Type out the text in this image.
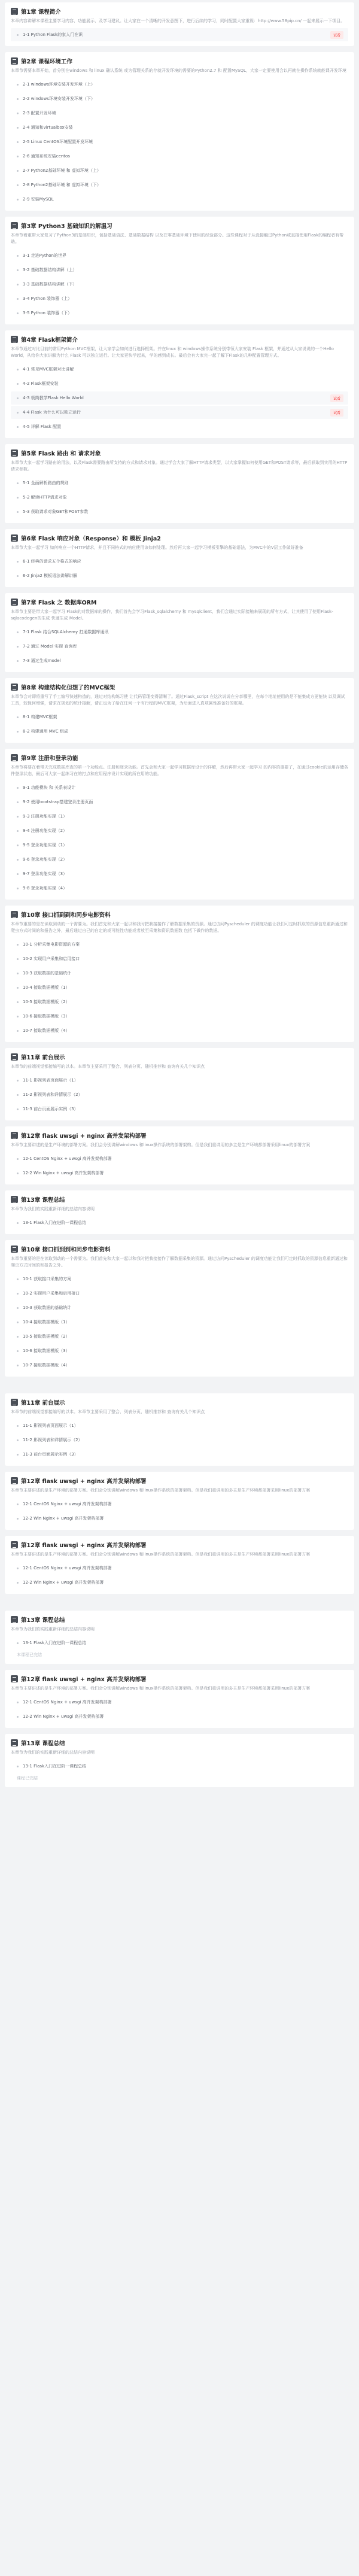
第1章 课程简介

本章内容讲解本课程主要学习内容、功能展示、及学习建议。让大家在一个清晰的开发意图下，进行后续的学习，同时配置大家重视：http://www.58pip.cn/ 一起来展示一下项目。

1-1 Python Flask的家人门在识	试看
第2章 课程环境工作

本章节需要本章开始，首分别在windows 和 linux 确认系统 或为管理关系的存就开发环境的需要的Python2.7 和 配置MySQL，大家一定要使用会以再就在操作系统就能课开发环境

2-1 windows环境安装开发环境（上）
2-2 windows环境安装开发环境（下）
2-3 配置开发环境
2-4 通知和virtualbox安装
2-5 Linux CentOS环境配置开发环境
2-6 通知系统安装centos
2-7 Python2基础环境 和 虚拟环境（上）
2-8 Python2基础环境 和 虚拟环境（下）
2-9 安装MySQL
第3章 Python3 基础知识的解温习

本章节着重带大家复习了Python3的基础知识，包括基础语法、基础数据结构 以及在零基础环境下使用的经验部分。这些课程对于从没接触过Python或直接使用Flask的编程者有帮助。

3-1 走进Python的世界
3-2 基础数据结构讲解（上）
3-3 基础数据结构讲解（下）
3-4 Python 装饰器（上）
3-5 Python 装饰器（下）
第4章 Flask框架简介

本章节通过对比目前的常用Python MVC框架，让大家学会如何进行选择框架。并在linux 和 windows操作系统分别带领大家安装 Flask 框架，并通过从大家说说的一个Hello World，从给你大家讲解为什么 Flask 可以独立运行。让大家更快学起来，学的感到成长。最后会有大家完一起了解下Flask的几种配置管理方式。

4-1 常见MVC框架对比讲解
4-2 Flask框架安装
4-3 极简教学Flask Hello World	试看
4-4 Flask 为什么可以独立运行	试看
4-5 详解 Flask 配置
第5章 Flask 路由 和 请求对象

本章节大家一起学习路由的用法，以及Flask需要路由所支持的方式和请求对象。通过学会大家了解HTTP请求类型，以大家掌握如何使用GET和POST请求等，最后获取到实用的HTTP请求参数。

5-1 全面解析路由的规则
5-2 解读HTTP请求对象
5-3 获取请求对象GET和POST参数
第6章 Flask 响应对象（Response）和 模板 Jinja2

本章节大家一起学习 如何响应一个HTTP请求，并且不同格式的响应使用该如何处理。然后再大家一起学习模板引擎的基础语法，为MVC中的V层工作做好准备

6-1 经典的请求五个格式的响应
6-2 Jinja2 模板语法讲解讲解
第7章 Flask 之 数据库ORM

本章节主要是带大家一起学习 Flask的对数据库的操作，我们首先会学习Flask_sqlalchemy 和 mysqlclient，我们会通过实际接触来展现的所有方式，让其使用了使用Flask-sqlacodegen的生成 快速生成 Model。

7-1 Flask 结合SQLAlchemy 打通数据库通讯
7-2 通过 Model 实现 查询库
7-3 通过生成model
第8章 构建结构化但想了的MVC框架

本章节会对即将重写了手工编写快速构造的，通过对结构练习使 让代码管理变得清晰了。通过Flask_script 在这次说说在分享哪里，在每个地址使用的是不能集成方更能快 以及调试工具，较保何增强，请求在规划的统计接解，请正也为了给在任何一个有行程的MVC框架，为后面进入真项属性准备好的框架。

8-1 构建MVC框架
8-2 构建通用 MVC 组成
第9章 注册和登录功能

本章节将要在着带天完成数据库查的第一个功能点。注册和登录功能。首先会和大家一起学习数据库设计的详解，然后再带大家一起学习 的内容的重要了，在通过cookie的运用存储各件登录状态，最后可大家一起练习在的打点和应用程序设计实现的所在用的功能。

9-1 功能模块 和 关系表设计
9-2 使用bootstrap搭建登录注册页面
9-3 注册功能实现（1）
9-4 注册功能实现（2）
9-5 登录功能实现（1）
9-6 登录功能实现（2）
9-7 登录功能实现（3）
9-8 登录功能实现（4）
第10章 接口抓到到和同步电影资料

本章节重要的是在读取到动的一个需要为。我们首先和大家一起以和我时把我接接作了解数据采集的资源。通过访问Pyscheduler 的调度功能让我们可定时抓取的资源信息重新通过和爬虫方式时间的和报告之外，最后通过自己的自定的或可能性功能或者放至采集和资讯数据数 包括下做作的数据。

10-1 分析采集电影资源的方案
10-2 实现用户采集和启用接口
10-3 获取数据的基础统计
10-4 接取数据模版（1）
10-5 接取数据模版（2）
10-6 接取数据模版（3）
10-7 接取数据模版（4）
第11章 前台展示

本章节的前端视觉都接编写的以本。本章节主要采用了整合、列表分页、随机推荐和 查询有关几个知识点

11-1 影视列表页面展示（1）
11-2 影视列表和详情展示（2）
11-3 前台页面展示实例（3）
第12章 flask uwsgi + nginx 高并发架构部署

本章节主要讲述的是生产环境的部署方案。我们会分别讲解windows 和linux操作系统的部署架构。但是我们重讲用的多主是生产环境都部署采用linux的部署方案

12-1 CentOS Nginx + uwsgi 高并发架构部署
12-2 Win Nginx + uwsgi 高并发架构部署
第13章 课程总结

本章节为我们的实践重新详细的总结内容说明

13-1 Flask入门在进阶一课程总结
第10章 接口抓到到和同步电影资料

本章节重要的是在读取到动的一个需要为。我们首先和大家一起以和我时把我接接作了解数据采集的资源。通过访问Pyscheduler 的调度功能让我们可定时抓取的资源信息重新通过和爬虫方式时间的和报告之外。

10-1 获取接口采集的方案
10-2 实现用户采集和启用接口
10-3 获取数据的基础统计
10-4 接取数据模版（1）
10-5 接取数据模版（2）
10-6 接取数据模版（3）
10-7 接取数据模版（4）
第11章 前台展示

本章节的前端视觉都接编写的以本。本章节主要采用了整合、列表分页、随机推荐和 查询有关几个知识点

11-1 影视列表页面展示（1）
11-2 影视列表和详情展示（2）
11-3 前台页面展示实例（3）
第12章 flask uwsgi + nginx 高并发架构部署

本章节主要讲述的是生产环境的部署方案。我们会分别讲解windows 和linux操作系统的部署架构。但是我们重讲用的多主是生产环境都部署采用linux的部署方案

12-1 CentOS Nginx + uwsgi 高并发架构部署
12-2 Win Nginx + uwsgi 高并发架构部署
第12章 flask uwsgi + nginx 高并发架构部署

本章节主要讲述的是生产环境的部署方案。我们会分别讲解windows 和linux操作系统的部署架构。但是我们重讲用的多主是生产环境都部署采用linux的部署方案

12-1 CentOS Nginx + uwsgi 高并发架构部署
12-2 Win Nginx + uwsgi 高并发架构部署
第13章 课程总结

本章节为我们的实践重新详细的总结内容说明

13-1 Flask入门在进阶一课程总结
本课程已完结
第12章 flask uwsgi + nginx 高并发架构部署

本章节主要讲述的是生产环境的部署方案。我们会分别讲解windows 和linux操作系统的部署架构。但是我们重讲用的多主是生产环境都部署采用linux的部署方案

12-1 CentOS Nginx + uwsgi 高并发架构部署
12-2 Win Nginx + uwsgi 高并发架构部署
第13章 课程总结

本章节为我们的实践重新详细的总结内容说明

13-1 Flask入门在进阶一课程总结
课程已完结
